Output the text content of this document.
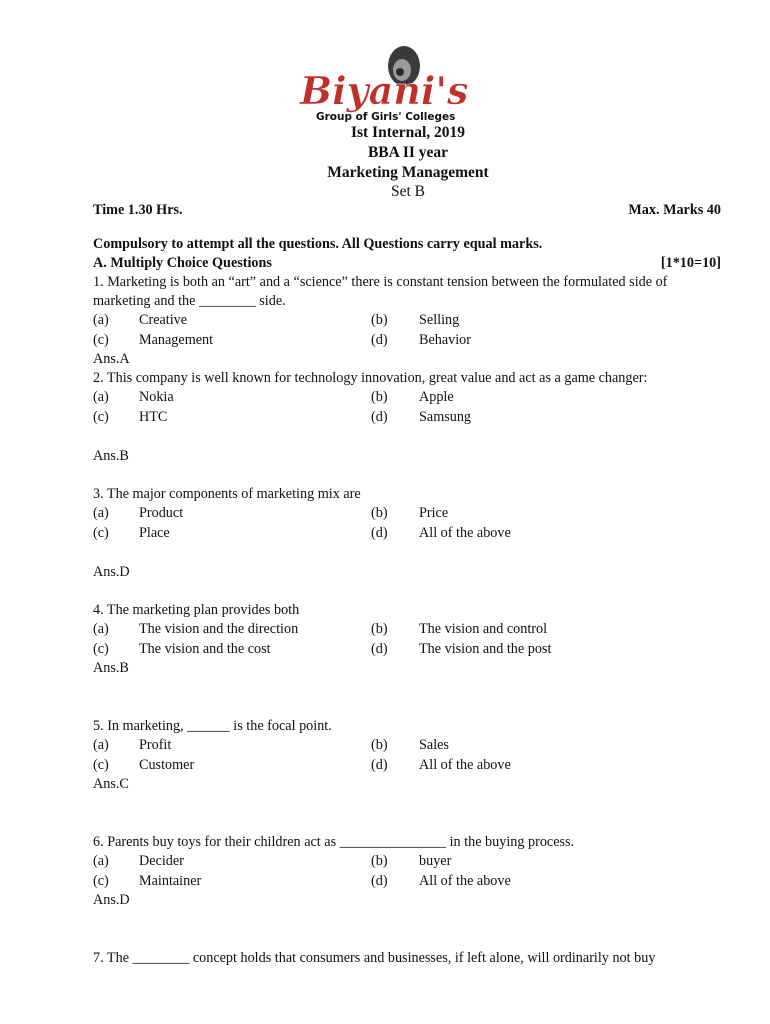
Biyani's
Group of Girls' Colleges
Ist Internal, 2019
BBA II year
Marketing Management
Set B
Time 1.30 Hrs.	Max. Marks 40
Compulsory to attempt all the questions. All Questions carry equal marks.
A. Multiply Choice Questions	[1*10=10]
1. Marketing is both an “art” and a “science” there is constant tension between the formulated side of
marketing and the ________ side.
(a) Creative	(b) Selling
(c) Management	(d) Behavior
Ans.A
2. This company is well known for technology innovation, great value and act as a game changer:
(a) Nokia	(b) Apple
(c) HTC	(d) Samsung
Ans.B
3. The major components of marketing mix are
(a) Product	(b) Price
(c) Place	(d) All of the above
Ans.D
4. The marketing plan provides both
(a) The vision and the direction	(b) The vision and control
(c) The vision and the cost	(d) The vision and the post
Ans.B
5. In marketing, ______ is the focal point.
(a) Profit	(b) Sales
(c) Customer	(d) All of the above
Ans.C
6. Parents buy toys for their children act as _______________ in the buying process.
(a) Decider	(b) buyer
(c) Maintainer	(d) All of the above
Ans.D
7. The ________ concept holds that consumers and businesses, if left alone, will ordinarily not buy
